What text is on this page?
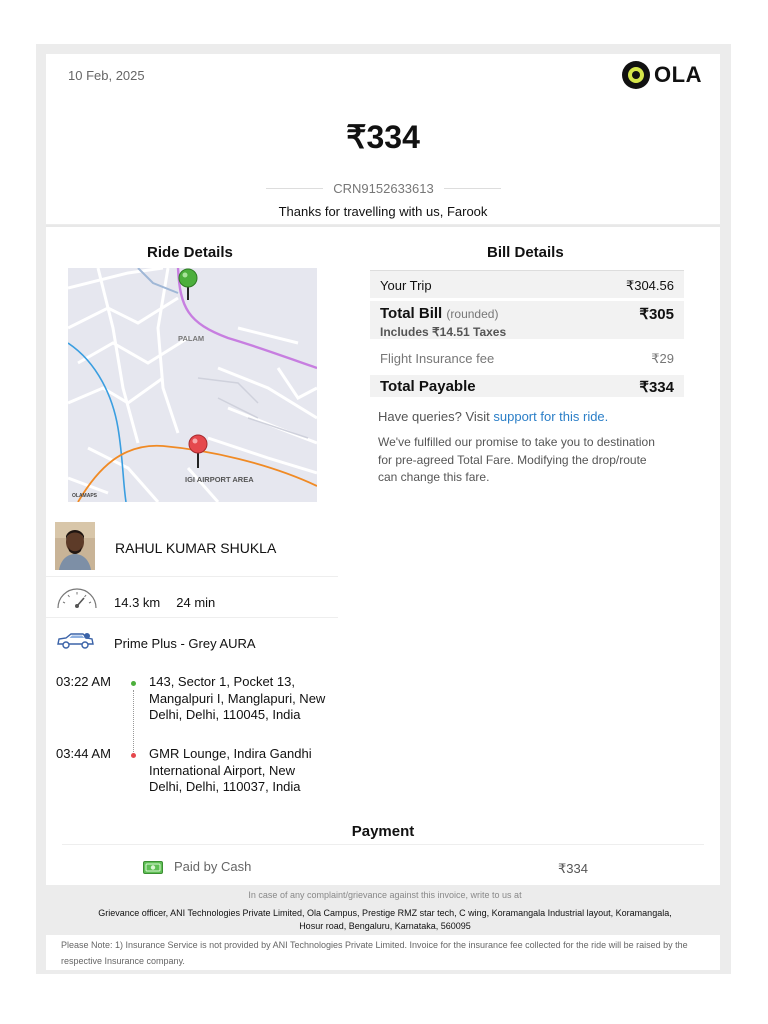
10 Feb, 2025	OLA
₹334
CRN9152633613
Thanks for travelling with us, Farook
Ride Details
PALAM
IGI AIRPORT AREA
OLAMAPS
RAHUL KUMAR SHUKLA
14.3 km 24 min
Prime Plus - Grey AURA
03:22 AM	143, Sector 1, Pocket 13, Mangalpuri I, Manglapuri, New Delhi, Delhi, 110045, India
03:44 AM	GMR Lounge, Indira Gandhi International Airport, New Delhi, Delhi, 110037, India
Bill Details
Your Trip	₹304.56
Total Bill (rounded)	₹305
Includes ₹14.51 Taxes
Flight Insurance fee	₹29
Total Payable	₹334
Have queries? Visit support for this ride.
We've fulfilled our promise to take you to destination for pre-agreed Total Fare. Modifying the drop/route can change this fare.
Payment
Paid by Cash	₹334
In case of any complaint/grievance against this invoice, write to us at
Grievance officer, ANI Technologies Private Limited, Ola Campus, Prestige RMZ star tech, C wing, Koramangala Industrial layout, Koramangala, Hosur road, Bengaluru, Karnataka, 560095
Please Note: 1) Insurance Service is not provided by ANI Technologies Private Limited. Invoice for the insurance fee collected for the ride will be raised by the respective Insurance company.
